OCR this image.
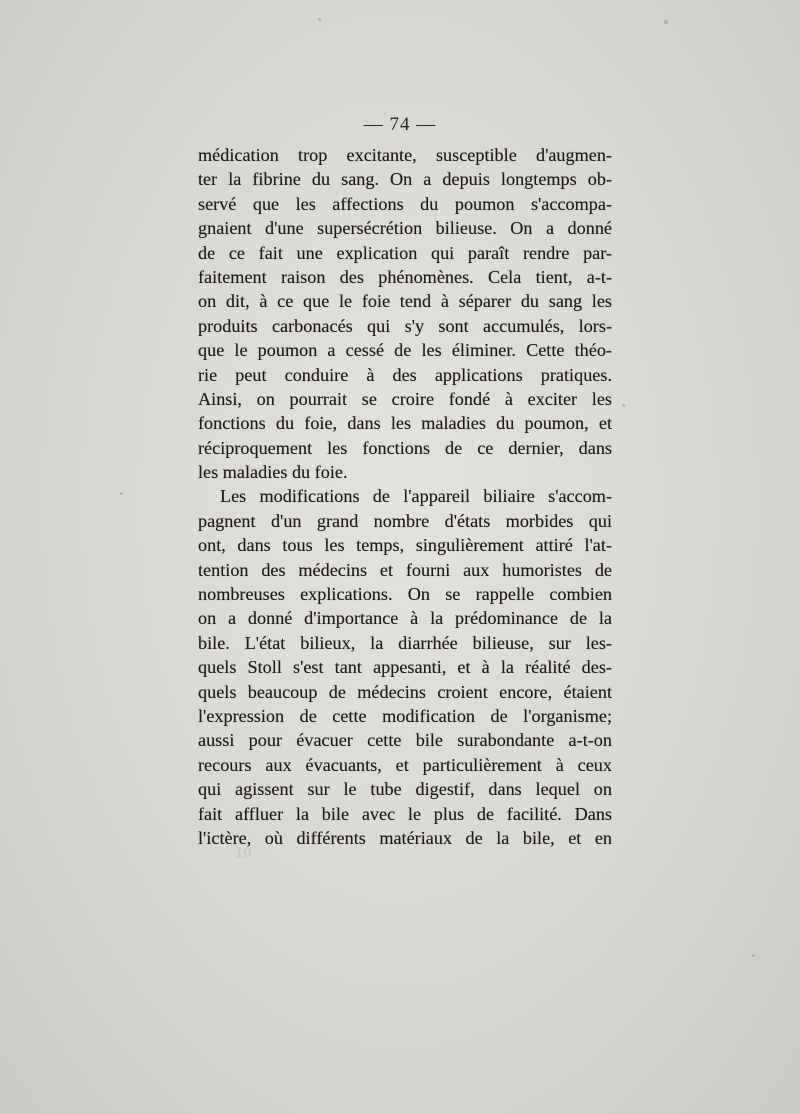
— 74 —
médication trop excitante, susceptible d'augmen-
ter la fibrine du sang. On a depuis longtemps ob-
servé que les affections du poumon s'accompa-
gnaient d'une supersécrétion bilieuse. On a donné
de ce fait une explication qui paraît rendre par-
faitement raison des phénomènes. Cela tient, a-t-
on dit, à ce que le foie tend à séparer du sang les
produits carbonacés qui s'y sont accumulés, lors-
que le poumon a cessé de les éliminer. Cette théo-
rie peut conduire à des applications pratiques.
Ainsi, on pourrait se croire fondé à exciter les
fonctions du foie, dans les maladies du poumon, et
réciproquement les fonctions de ce dernier, dans
les maladies du foie.
Les modifications de l'appareil biliaire s'accom-
pagnent d'un grand nombre d'états morbides qui
ont, dans tous les temps, singulièrement attiré l'at-
tention des médecins et fourni aux humoristes de
nombreuses explications. On se rappelle combien
on a donné d'importance à la prédominance de la
bile. L'état bilieux, la diarrhée bilieuse, sur les-
quels Stoll s'est tant appesanti, et à la réalité des-
quels beaucoup de médecins croient encore, étaient
l'expression de cette modification de l'organisme;
aussi pour évacuer cette bile surabondante a-t-on
recours aux évacuants, et particulièrement à ceux
qui agissent sur le tube digestif, dans lequel on
fait affluer la bile avec le plus de facilité. Dans
l'ictère, où différents matériaux de la bile, et en
10
